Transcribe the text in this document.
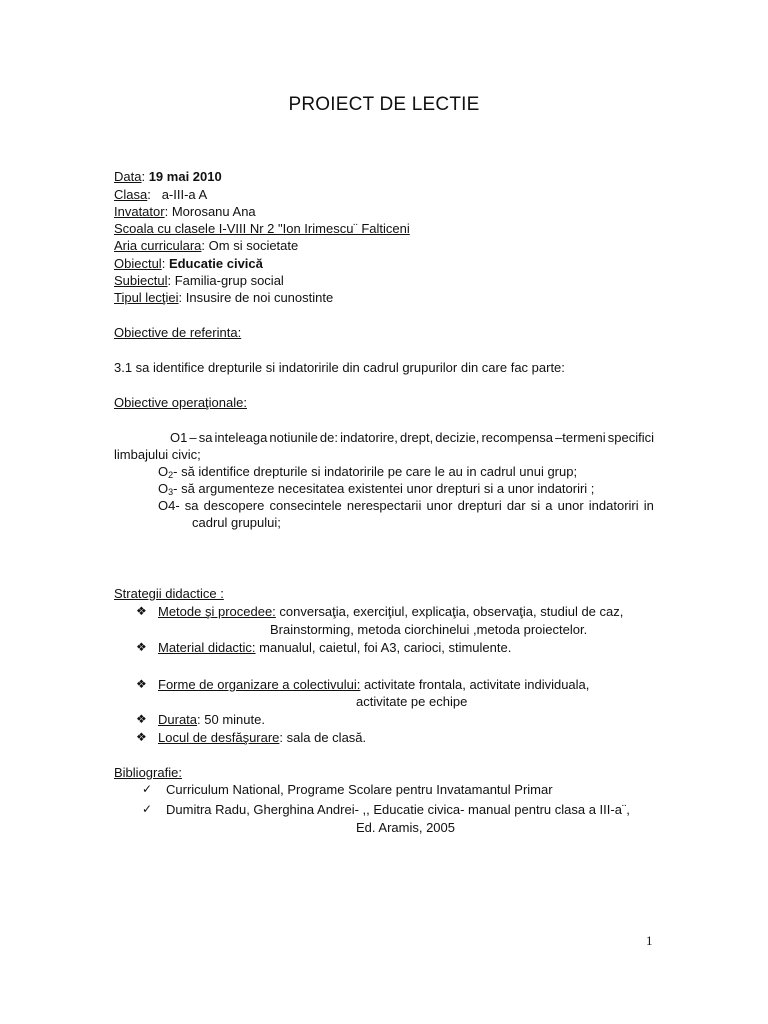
PROIECT DE LECTIE
Data: 19 mai 2010
Clasa:   a-III-a A
Invatator: Morosanu Ana
Scoala cu clasele I-VIII Nr 2 "Ion Irimescu¨ Falticeni
Aria curriculara: Om si societate
Obiectul: Educatie civică
Subiectul: Familia-grup social
Tipul lecţiei: Insusire de noi cunostinte
Obiective de referinta:
3.1 sa identifice drepturile si indatoririle din cadrul grupurilor din care fac parte:
Obiective operaţionale:
O1 – sa inteleaga notiunile de: indatorire, drept, decizie, recompensa –termeni specifici
limbajului civic;
$O_2-$ să identifice drepturile si indatoririle pe care le au in cadrul unui grup;
$O_3-$ să argumenteze necesitatea existentei unor drepturi si a unor indatoriri ;
O4- sa descopere consecintele nerespectarii unor drepturi dar si a unor indatoriri in
cadrul grupului;
Strategii didactice :
❖ Metode şi procedee: conversaţia, exerciţiul, explicaţia, observaţia, studiul de caz,
Brainstorming, metoda ciorchinelui ,metoda proiectelor.
❖ Material didactic: manualul, caietul, foi A3, carioci, stimulente.
❖ Forme de organizare a colectivului: activitate frontala, activitate individuala,
activitate pe echipe
❖ Durata: 50 minute.
❖ Locul de desfăşurare: sala de clasă.
Bibliografie:
✓ Curriculum National, Programe Scolare pentru Invatamantul Primar
✓ Dumitra Radu, Gherghina Andrei- ,, Educatie civica- manual pentru clasa a III-a¨,
Ed. Aramis, 2005
1
